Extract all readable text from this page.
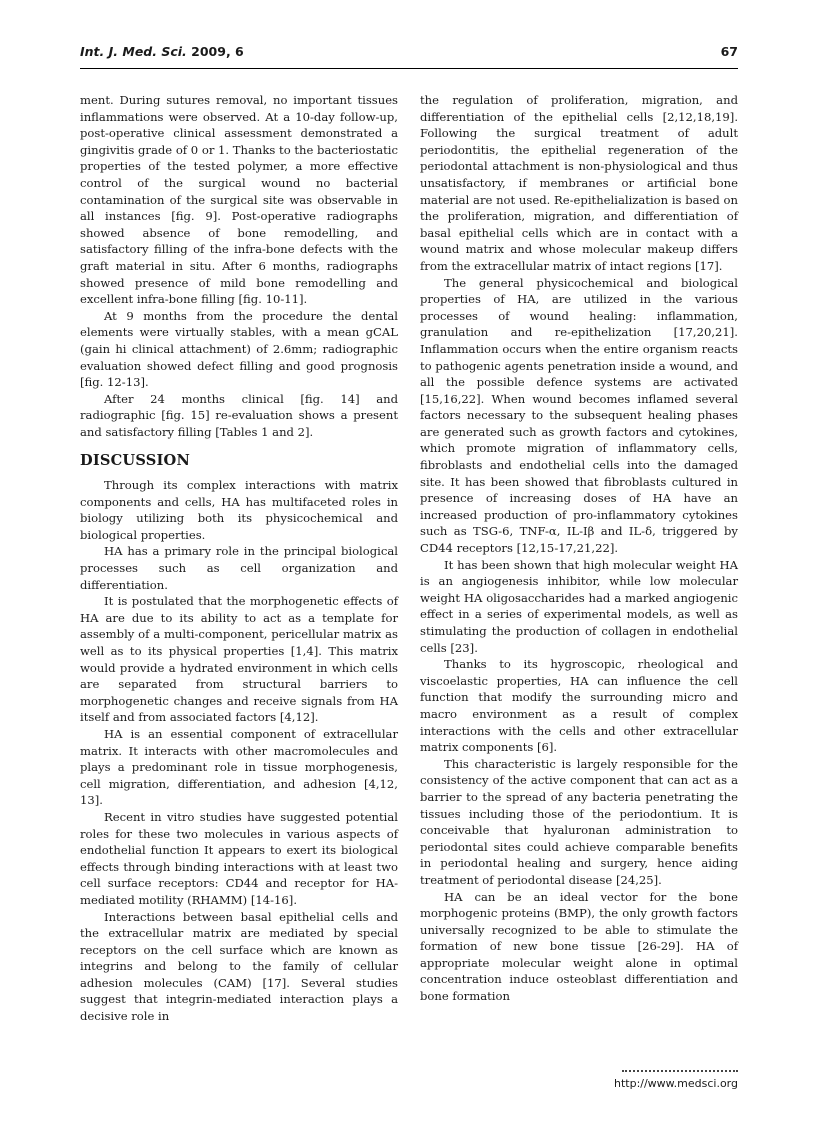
Int. J. Med. Sci. 2009, 6	67

ment. During sutures removal, no important tissues inflammations were observed. At a 10-day follow-up, post-operative clinical assessment demonstrated a gingivitis grade of 0 or 1. Thanks to the bacteriostatic properties of the tested polymer, a more effective control of the surgical wound no bacterial contamination of the surgical site was observable in all instances [fig. 9]. Post-operative radiographs showed absence of bone remodelling, and satisfactory filling of the infra-bone defects with the graft material in situ. After 6 months, radiographs showed presence of mild bone remodelling and excellent infra-bone filling [fig. 10-11].

At 9 months from the procedure the dental elements were virtually stables, with a mean gCAL (gain hi clinical attachment) of 2.6mm; radiographic evaluation showed defect filling and good prognosis [fig. 12-13].

After 24 months clinical [fig. 14] and radiographic [fig. 15] re-evaluation shows a present and satisfactory filling [Tables 1 and 2].

DISCUSSION

Through its complex interactions with matrix components and cells, HA has multifaceted roles in biology utilizing both its physicochemical and biological properties.

HA has a primary role in the principal biological processes such as cell organization and differentiation.

It is postulated that the morphogenetic effects of HA are due to its ability to act as a template for assembly of a multi-component, pericellular matrix as well as to its physical properties [1,4]. This matrix would provide a hydrated environment in which cells are separated from structural barriers to morphogenetic changes and receive signals from HA itself and from associated factors [4,12].

HA is an essential component of extracellular matrix. It interacts with other macromolecules and plays a predominant role in tissue morphogenesis, cell migration, differentiation, and adhesion [4,12, 13].

Recent in vitro studies have suggested potential roles for these two molecules in various aspects of endothelial function It appears to exert its biological effects through binding interactions with at least two cell surface receptors: CD44 and receptor for HA-mediated motility (RHAMM) [14-16].

Interactions between basal epithelial cells and the extracellular matrix are mediated by special receptors on the cell surface which are known as integrins and belong to the family of cellular adhesion molecules (CAM) [17]. Several studies suggest that integrin-mediated interaction plays a decisive role in

the regulation of proliferation, migration, and differentiation of the epithelial cells [2,12,18,19]. Following the surgical treatment of adult periodontitis, the epithelial regeneration of the periodontal attachment is non-physiological and thus unsatisfactory, if membranes or artificial bone material are not used. Re-epithelialization is based on the proliferation, migration, and differentiation of basal epithelial cells which are in contact with a wound matrix and whose molecular makeup differs from the extracellular matrix of intact regions [17].

The general physicochemical and biological properties of HA, are utilized in the various processes of wound healing: inflammation, granulation and re-epithelization [17,20,21]. Inflammation occurs when the entire organism reacts to pathogenic agents penetration inside a wound, and all the possible defence systems are activated [15,16,22]. When wound becomes inflamed several factors necessary to the subsequent healing phases are generated such as growth factors and cytokines, which promote migration of inflammatory cells, fibroblasts and endothelial cells into the damaged site. It has been showed that fibroblasts cultured in presence of increasing doses of HA have an increased production of pro-inflammatory cytokines such as TSG-6, TNF-α, IL-Iβ and IL-δ, triggered by CD44 receptors [12,15-17,21,22].

It has been shown that high molecular weight HA is an angiogenesis inhibitor, while low molecular weight HA oligosaccharides had a marked angiogenic effect in a series of experimental models, as well as stimulating the production of collagen in endothelial cells [23].

Thanks to its hygroscopic, rheological and viscoelastic properties, HA can influence the cell function that modify the surrounding micro and macro environment as a result of complex interactions with the cells and other extracellular matrix components [6].

This characteristic is largely responsible for the consistency of the active component that can act as a barrier to the spread of any bacteria penetrating the tissues including those of the periodontium. It is conceivable that hyaluronan administration to periodontal sites could achieve comparable benefits in periodontal healing and surgery, hence aiding treatment of periodontal disease [24,25].

HA can be an ideal vector for the bone morphogenic proteins (BMP), the only growth factors universally recognized to be able to stimulate the formation of new bone tissue [26-29]. HA of appropriate molecular weight alone in optimal concentration induce osteoblast differentiation and bone formation

http://www.medsci.org
